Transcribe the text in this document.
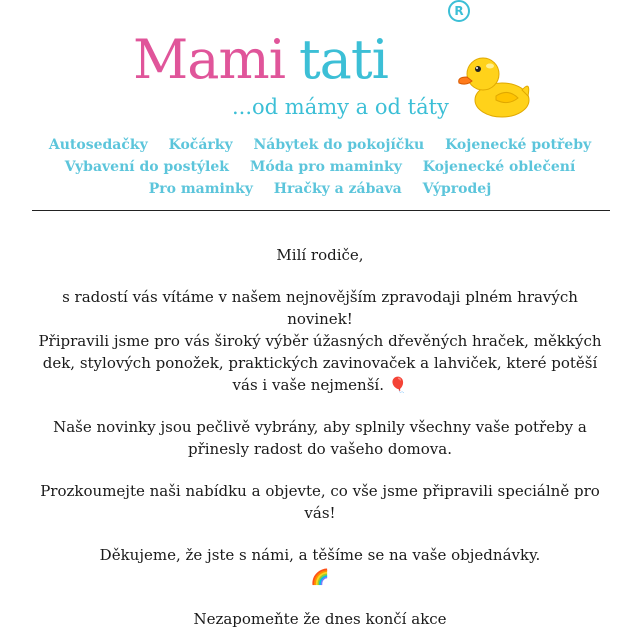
Mami tati
...od mámy a od táty
R
Autosedačky Kočárky Nábytek do pokojíčku Kojenecké potřeby
Vybavení do postýlek Móda pro maminky Kojenecké oblečení
Pro maminky Hračky a zábava Výprodej

Milí rodiče,

s radostí vás vítáme v našem nejnovějším zpravodaji plném hravých novinek!

Připravili jsme pro vás široký výběr úžasných dřevěných hraček, měkkých dek, stylových ponožek, praktických zavinovaček a lahviček, které potěší vás i vaše nejmenší. 🎈

Naše novinky jsou pečlivě vybrány, aby splnily všechny vaše potřeby a přinesly radost do vašeho domova.

Prozkoumejte naši nabídku a objevte, co vše jsme připravili speciálně pro vás!

Děkujeme, že jste s námi, a těšíme se na vaše objednávky.
🌈

Nezapomeňte že dnes končí akce
